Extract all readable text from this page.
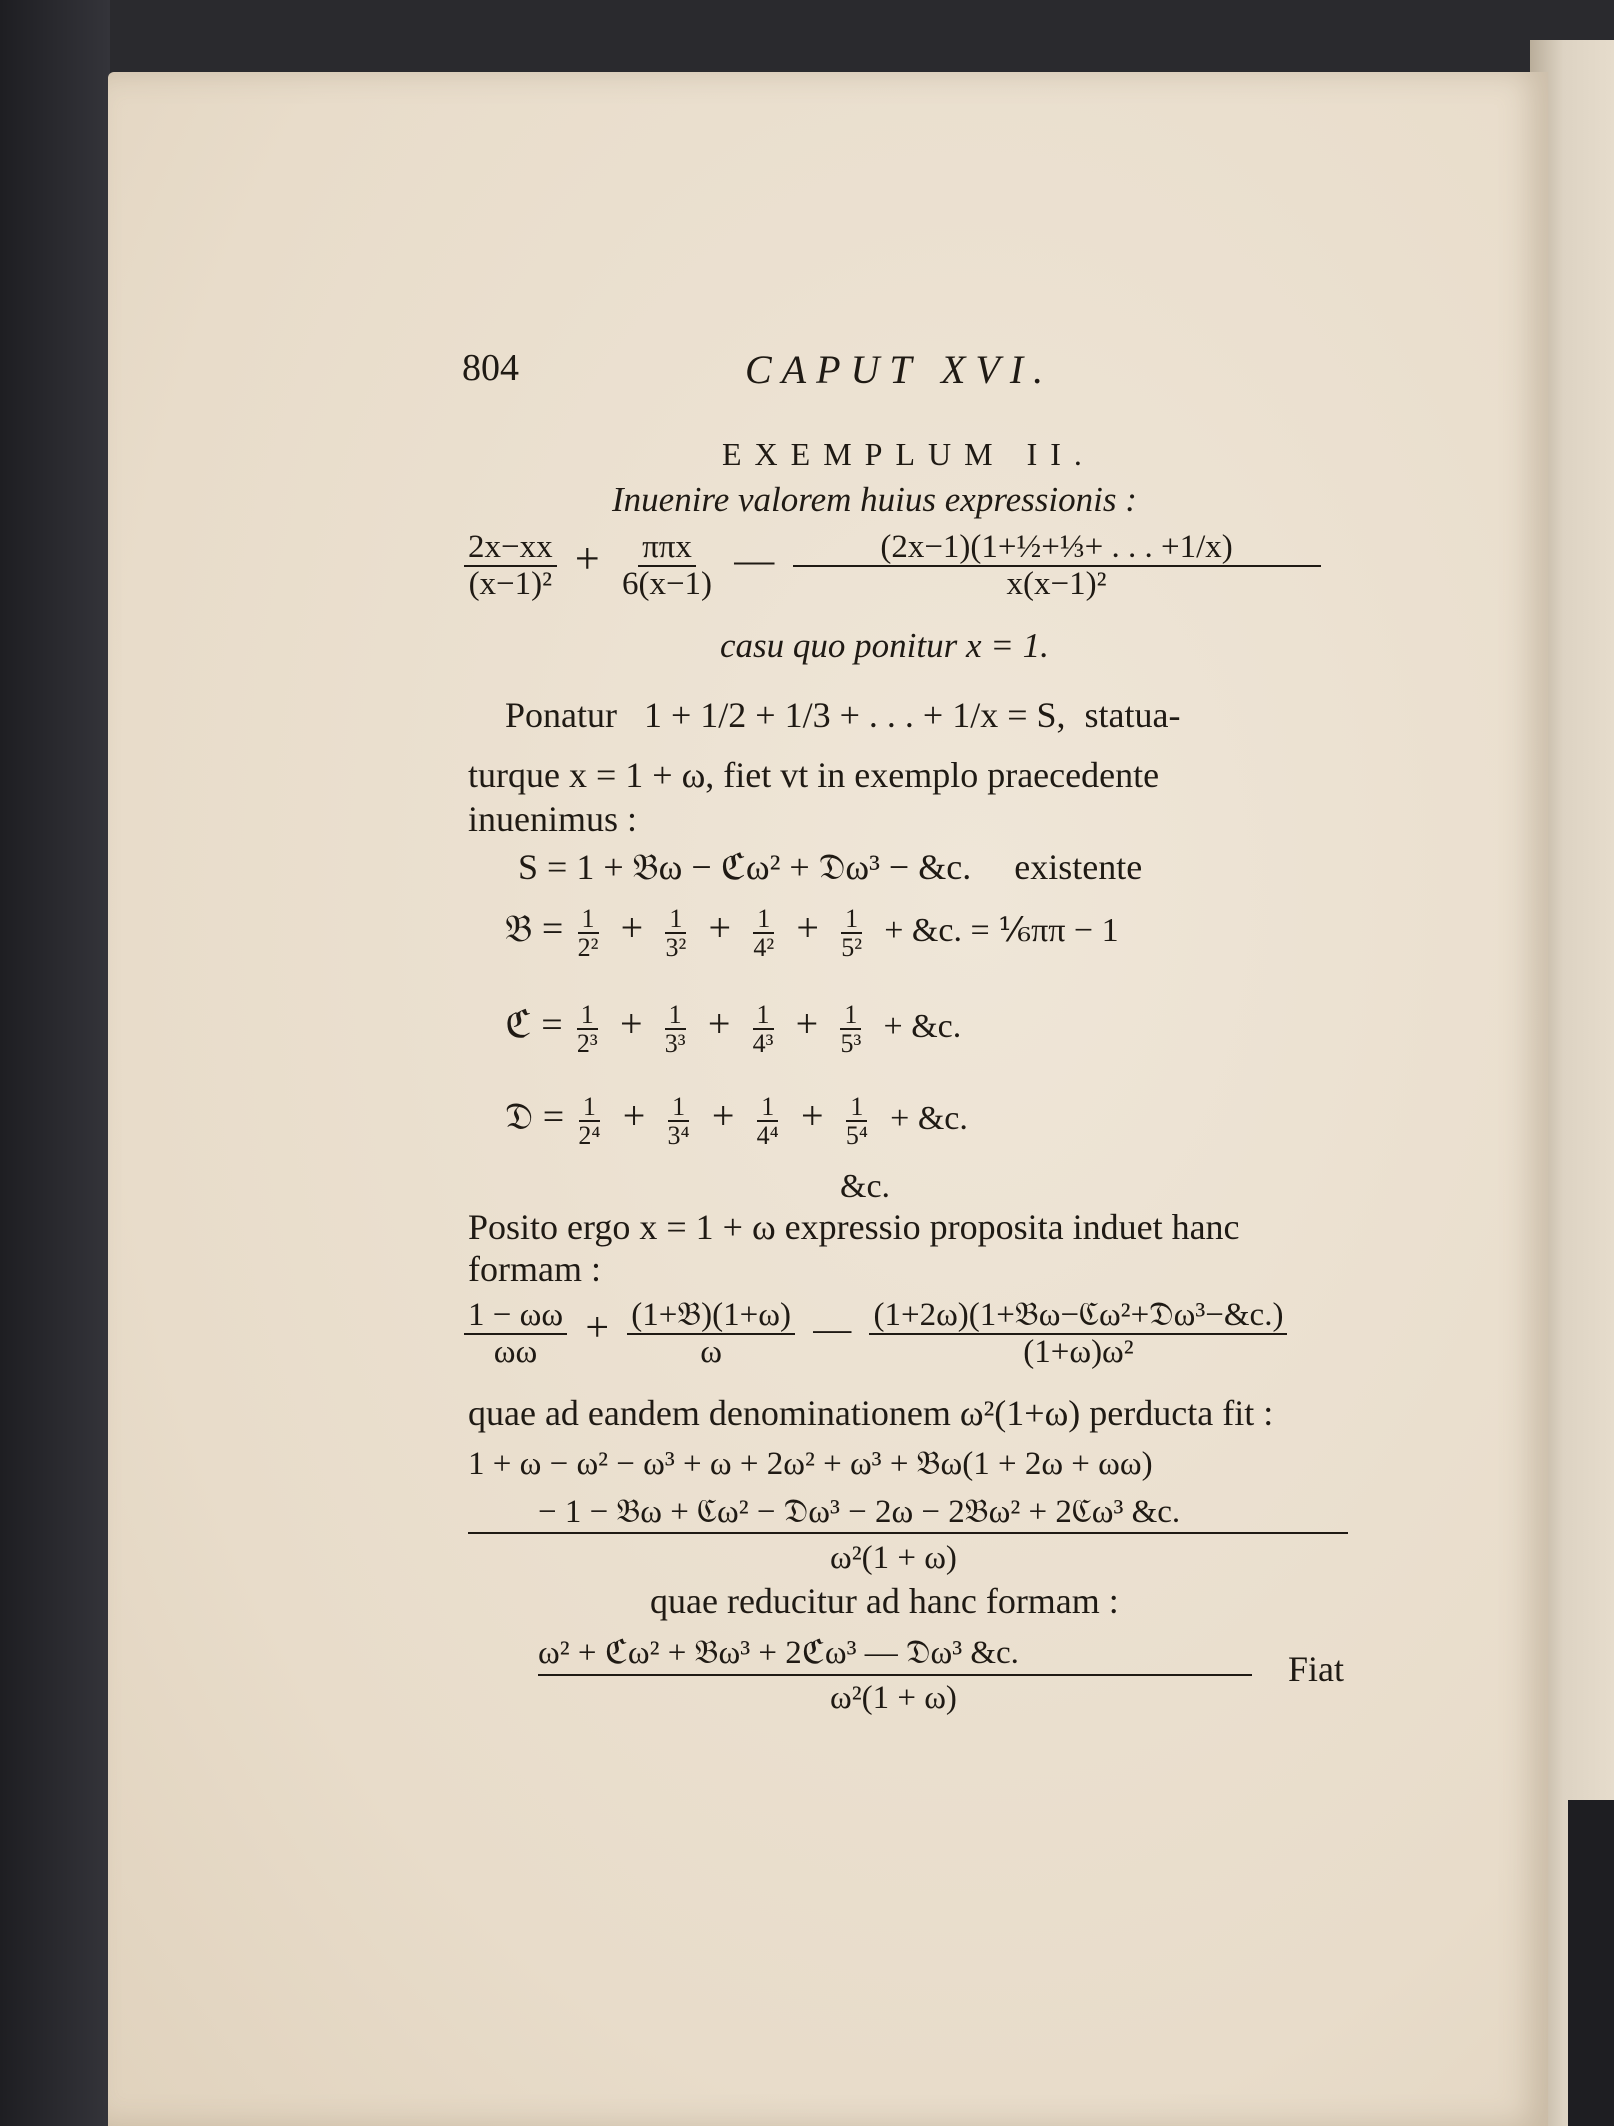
804	CAPUT XVI.
EXEMPLUM II.
Inuenire valorem huius expressionis :
$\frac{2x-xx}{\text{(x−1)²}} + \frac{\text{ππx}}{6(x-1)}$ — $\frac{\text{(2x−1)(1+½+⅓+ . . . +1/x)}}{\text{x(x−1)²}}$
casu quo ponitur x = 1.
Ponatur 1 + 1/2 + 1/3 + . . . + 1/x = S, statua-
turque x = 1 + ω, fiet vt in exemplo praecedente
inuenimus :
S = 1 + 𝔅ω − ℭω² + 𝔇ω³ − &c. existente
𝔅 = $\frac{1}{\text{2²}} + \frac{1}{\text{3²}} + \frac{1}{\text{4²}} + \frac{1}{\text{5²}}$ + &c. = ⅙ππ − 1
ℭ = $\frac{1}{\text{2³}} + \frac{1}{\text{3³}} + \frac{1}{\text{4³}} + \frac{1}{\text{5³}}$ + &c.
𝔇 = $\frac{1}{\text{2⁴}} + \frac{1}{\text{3⁴}} + \frac{1}{\text{4⁴}} + \frac{1}{\text{5⁴}}$ + &c.
&c.
Posito ergo x = 1 + ω expressio proposita induet hanc
formam :
$\frac{1 - \omega\omega}{\omega\omega} + \frac{\text{(1+𝔅)(1+ω)}}{\omega}$ — $\frac{\text{(1+2ω)(1+𝔅ω−ℭω²+𝔇ω³−\&c.)}}{\text{(1+ω)ω²}}$
quae ad eandem denominationem ω²(1+ω) perducta fit :
1 + ω − ω² − ω³ + ω + 2ω² + ω³ + 𝔅ω(1 + 2ω + ωω)
− 1 − 𝔅ω + ℭω² − 𝔇ω³ − 2ω − 2𝔅ω² + 2ℭω³ &c.
ω²(1 + ω)
quae reducitur ad hanc formam :
ω² + ℭω² + 𝔅ω³ + 2ℭω³ — 𝔇ω³ &c.
ω²(1 + ω)
Fiat
